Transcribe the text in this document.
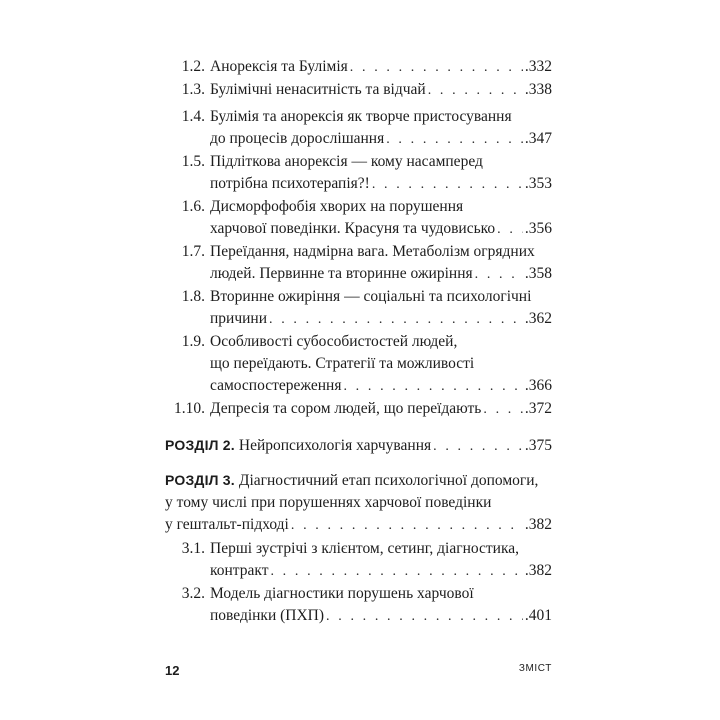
1.2. Анорексія та Булімія . . .	.332
1.3. Булімічні ненаситність та відчай . . .	.338
1.4. Булімія та анорексія як творче пристосування
до процесів дорослішання . . .	.347
1.5. Підліткова анорексія — кому насамперед
потрібна психотерапія?! . . .	.353
1.6. Дисморфофобія хворих на порушення
харчової поведінки. Красуня та чудовисько . . . .356
1.7. Переїдання, надмірна вага. Метаболізм огрядних
людей. Первинне та вторинне ожиріння . . .	.358
1.8. Вторинне ожиріння — соціальні та психологічні
причини . . .	.362
1.9. Особливості субособистостей людей,
що переїдають. Стратегії та можливості
самоспостереження . . .	.366
1.10. Депресія та сором людей, що переїдають . . .	.372
РОЗДІЛ 2. Нейропсихологія харчування . . .	.375
РОЗДІЛ 3. Діагностичний етап психологічної допомоги,
у тому числі при порушеннях харчової поведінки
у гештальт-підході . . .	.382
3.1. Перші зустрічі з клієнтом, сетинг, діагностика,
контракт . . .	.382
3.2. Модель діагностики порушень харчової
поведінки (ПХП) . . .	.401
12	ЗМІСТ
